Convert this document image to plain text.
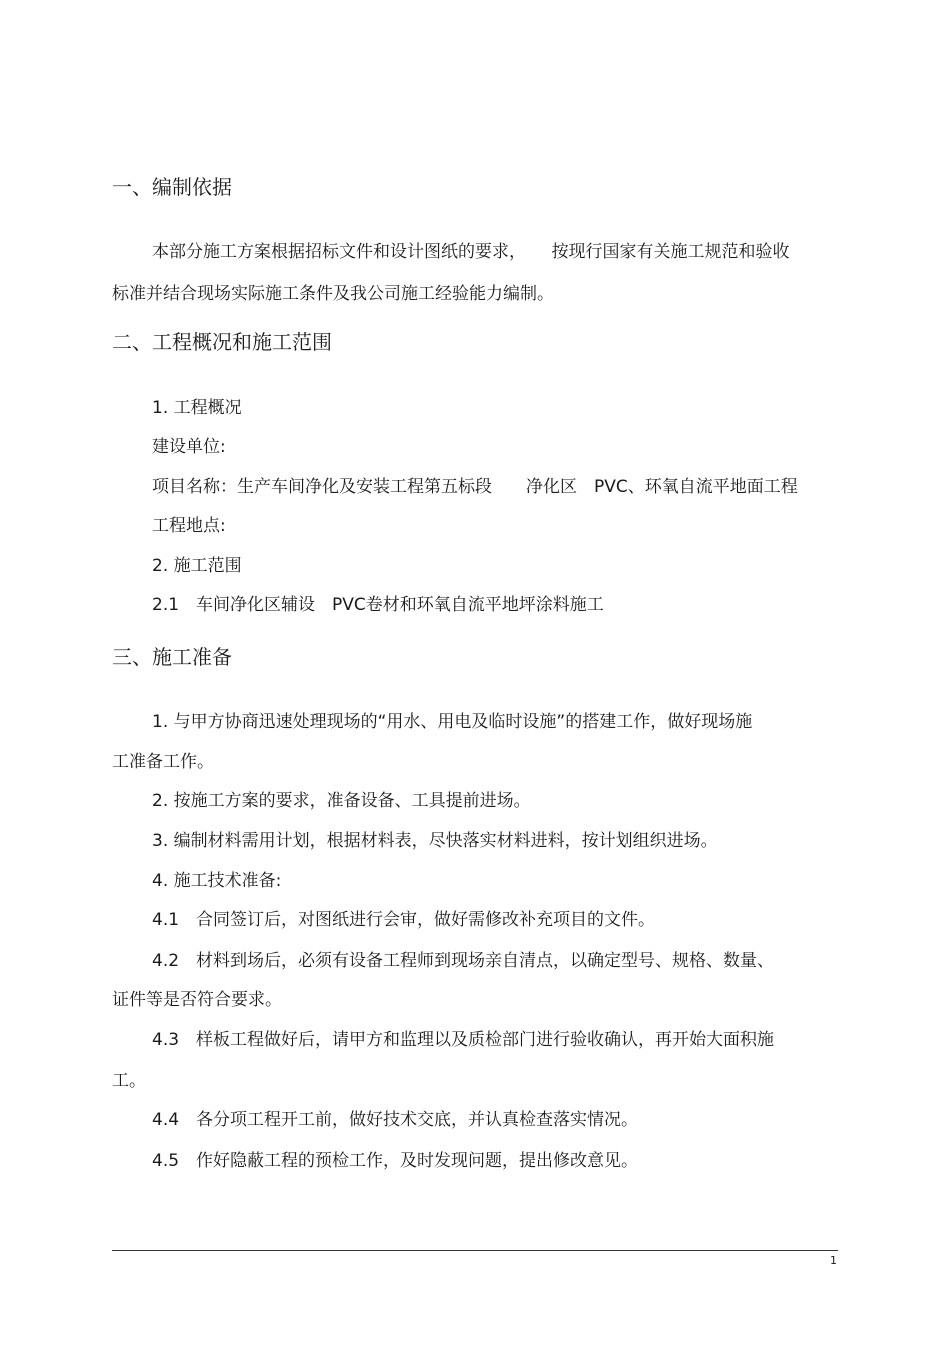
一、编制依据
本部分施工方案根据招标文件和设计图纸的要求，　　按现行国家有关施工规范和验收
标准并结合现场实际施工条件及我公司施工经验能力编制。
二、工程概况和施工范围
1. 工程概况
建设单位:
项目名称：生产车间净化及安装工程第五标段　　净化区　PVC、环氧自流平地面工程
工程地点:
2. 施工范围
2.1　车间净化区辅设　PVC卷材和环氧自流平地坪涂料施工
三、施工准备
1. 与甲方协商迅速处理现场的“用水、用电及临时设施”的搭建工作，做好现场施
工准备工作。
2. 按施工方案的要求，准备设备、工具提前进场。
3. 编制材料需用计划，根据材料表，尽快落实材料进料，按计划组织进场。
4. 施工技术准备:
4.1　合同签订后，对图纸进行会审，做好需修改补充项目的文件。
4.2　材料到场后，必须有设备工程师到现场亲自清点，以确定型号、规格、数量、
证件等是否符合要求。
4.3　样板工程做好后，请甲方和监理以及质检部门进行验收确认，再开始大面积施
工。
4.4　各分项工程开工前，做好技术交底，并认真检查落实情况。
4.5　作好隐蔽工程的预检工作，及时发现问题，提出修改意见。
1
